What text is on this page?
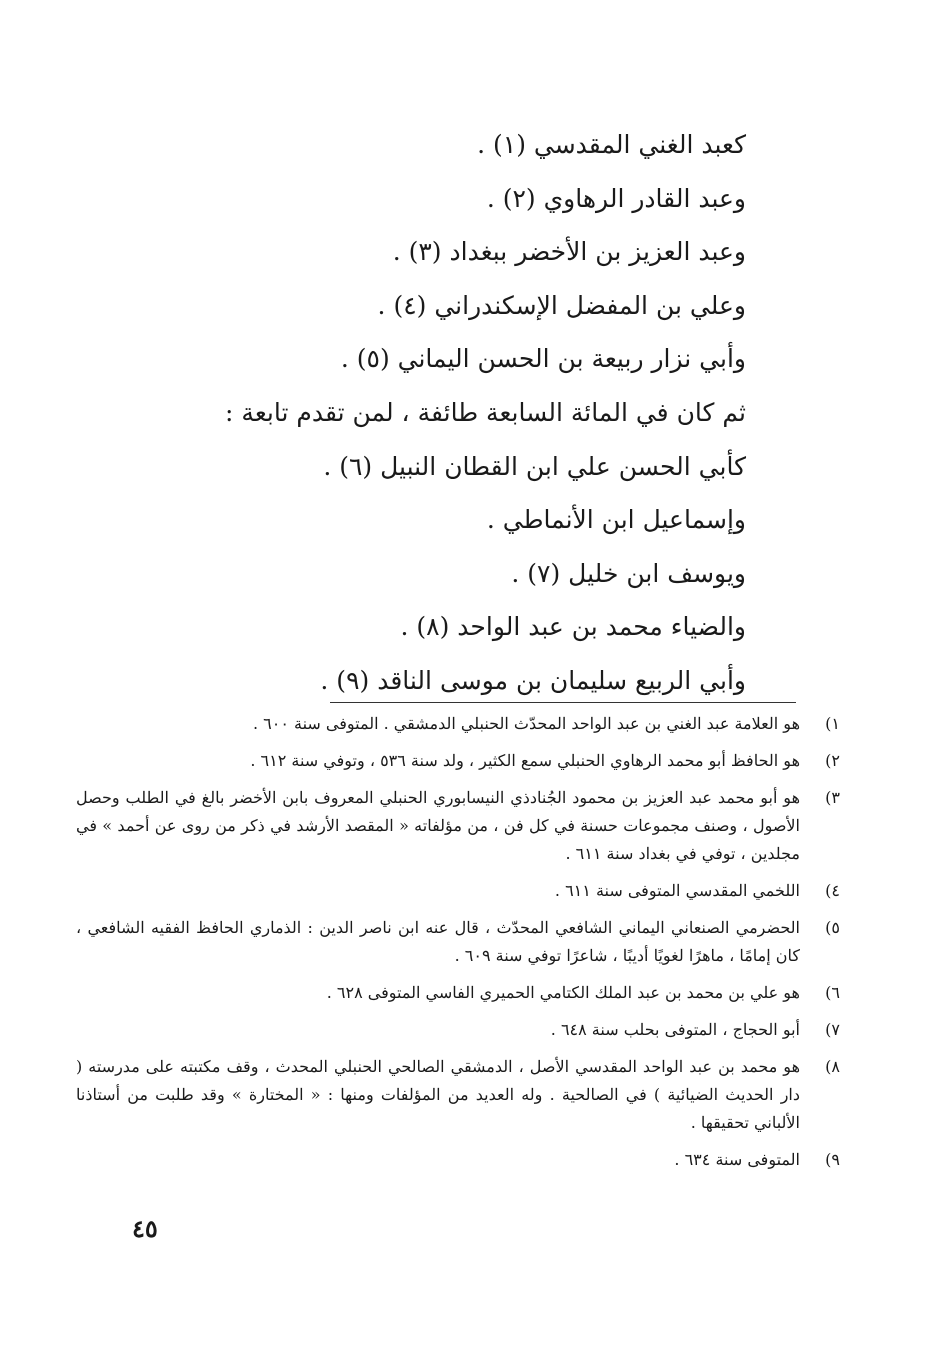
كعبد الغني المقدسي (١) .
وعبد القادر الرهاوي (٢) .
وعبد العزيز بن الأخضر ببغداد (٣) .
وعلي بن المفضل الإسكندراني (٤) .
وأبي نزار ربيعة بن الحسن اليماني (٥) .
ثم كان في المائة السابعة طائفة ، لمن تقدم تابعة :
كأبي الحسن علي ابن القطان النبيل (٦) .
وإسماعيل ابن الأنماطي .
ويوسف ابن خليل (٧) .
والضياء محمد بن عبد الواحد (٨) .
وأبي الربيع سليمان بن موسى الناقد (٩) .
١)
هو العلامة عبد الغني بن عبد الواحد المحدّث الحنبلي الدمشقي . المتوفى سنة ٦٠٠ .
٢)
هو الحافظ أبو محمد الرهاوي الحنبلي سمع الكثير ، ولد سنة ٥٣٦ ، وتوفي سنة ٦١٢ .
٣)
هو أبو محمد عبد العزيز بن محمود الجُنادذي النيسابوري الحنبلي المعروف بابن الأخضر بالغ في الطلب وحصل الأصول ، وصنف مجموعات حسنة في كل فن ، من مؤلفاته « المقصد الأرشد في ذكر من روى عن أحمد » في مجلدين ، توفي في بغداد سنة ٦١١ .
٤)
اللخمي المقدسي المتوفى سنة ٦١١ .
٥)
الحضرمي الصنعاني اليماني الشافعي المحدّث ، قال عنه ابن ناصر الدين : الذماري الحافظ الفقيه الشافعي ، كان إمامًا ، ماهرًا لغويًا أديبًا ، شاعرًا توفي سنة ٦٠٩ .
٦)
هو علي بن محمد بن عبد الملك الكتامي الحميري الفاسي المتوفى ٦٢٨ .
٧)
أبو الحجاج ، المتوفى بحلب سنة ٦٤٨ .
٨)
هو محمد بن عبد الواحد المقدسي الأصل ، الدمشقي الصالحي الحنبلي المحدث ، وقف مكتبته على مدرسته ( دار الحديث الضيائية ) في الصالحية . وله العديد من المؤلفات ومنها : « المختارة » وقد طلبت من أستاذنا الألباني تحقيقها .
٩)
المتوفى سنة ٦٣٤ .
٤٥
